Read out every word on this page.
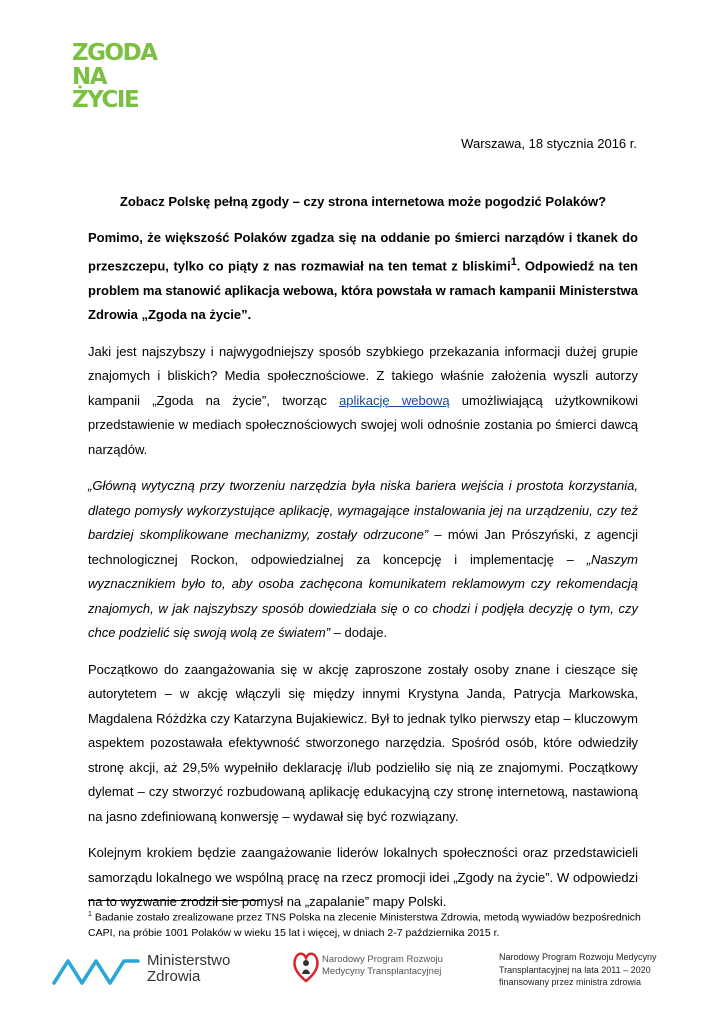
ZGODA
NA ŻYCIE
Warszawa, 18 stycznia 2016 r.

Zobacz Polskę pełną zgody – czy strona internetowa może pogodzić Polaków?

Pomimo, że większość Polaków zgadza się na oddanie po śmierci narządów i tkanek do przeszczepu, tylko co piąty z nas rozmawiał na ten temat z bliskimi$^1$. Odpowiedź na ten problem ma stanowić aplikacja webowa, która powstała w ramach kampanii Ministerstwa Zdrowia „Zgoda na życie”.

Jaki jest najszybszy i najwygodniejszy sposób szybkiego przekazania informacji dużej grupie znajomych i bliskich? Media społecznościowe. Z takiego właśnie założenia wyszli autorzy kampanii „Zgoda na życie”, tworząc aplikację webową umożliwiającą użytkownikowi przedstawienie w mediach społecznościowych swojej woli odnośnie zostania po śmierci dawcą narządów.

„Główną wytyczną przy tworzeniu narzędzia była niska bariera wejścia i prostota korzystania, dlatego pomysły wykorzystujące aplikację, wymagające instalowania jej na urządzeniu, czy też bardziej skomplikowane mechanizmy, zostały odrzucone” – mówi Jan Prószyński, z agencji technologicznej Rockon, odpowiedzialnej za koncepcję i implementację – „Naszym wyznacznikiem było to, aby osoba zachęcona komunikatem reklamowym czy rekomendacją znajomych, w jak najszybszy sposób dowiedziała się o co chodzi i podjęła decyzję o tym, czy chce podzielić się swoją wolą ze światem” – dodaje.

Początkowo do zaangażowania się w akcję zaproszone zostały osoby znane i cieszące się autorytetem – w akcję włączyli się między innymi Krystyna Janda, Patrycja Markowska, Magdalena Różdżka czy Katarzyna Bujakiewicz. Był to jednak tylko pierwszy etap – kluczowym aspektem pozostawała efektywność stworzonego narzędzia. Spośród osób, które odwiedziły stronę akcji, aż 29,5% wypełniło deklarację i/lub podzieliło się nią ze znajomymi. Początkowy dylemat – czy stworzyć rozbudowaną aplikację edukacyjną czy stronę internetową, nastawioną na jasno zdefiniowaną konwersję – wydawał się być rozwiązany.

Kolejnym krokiem będzie zaangażowanie liderów lokalnych społeczności oraz przedstawicieli samorządu lokalnego we wspólną pracę na rzecz promocji idei „Zgody na życie”. W odpowiedzi na to wyzwanie zrodził sie pomysł na „zapalanie” mapy Polski.

$^1$ Badanie zostało zrealizowane przez TNS Polska na zlecenie Ministerstwa Zdrowia, metodą wywiadów bezpośrednich CAPI, na próbie 1001 Polaków w wieku 15 lat i więcej, w dniach 2-7 października 2015 r.
Ministerstwo
Zdrowia
Narodowy Program Rozwoju
Medycyny Transplantacyjnej
Narodowy Program Rozwoju Medycyny
Transplantacyjnej na lata 2011 – 2020
finansowany przez ministra zdrowia
